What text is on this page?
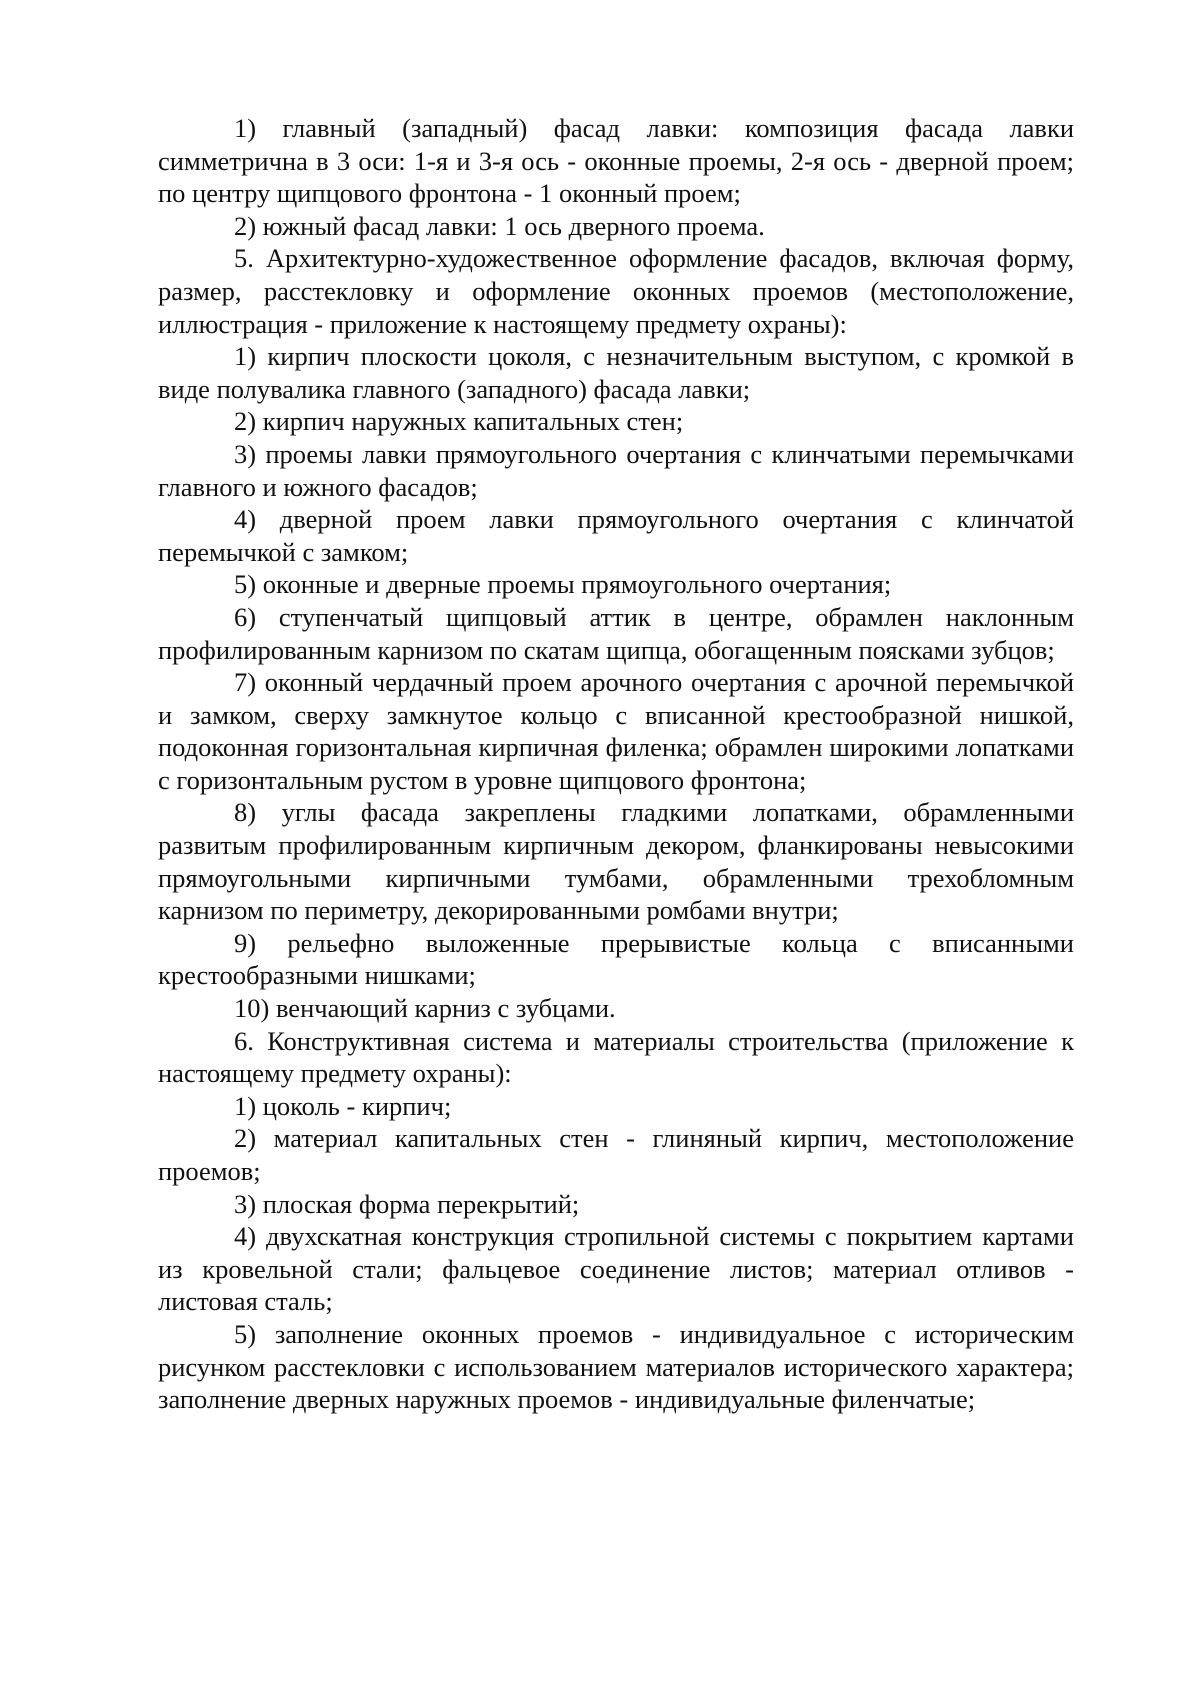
1) главный (западный) фасад лавки: композиция фасада лавки симметрична в 3 оси: 1-я и 3-я ось - оконные проемы, 2-я ось - дверной проем; по центру щипцового фронтона - 1 оконный проем;

2) южный фасад лавки: 1 ось дверного проема.

5. Архитектурно-художественное оформление фасадов, включая форму, размер, расстекловку и оформление оконных проемов (местоположение, иллюстрация - приложение к настоящему предмету охраны):

1) кирпич плоскости цоколя, с незначительным выступом, с кромкой в виде полувалика главного (западного) фасада лавки;

2) кирпич наружных капитальных стен;

3) проемы лавки прямоугольного очертания с клинчатыми перемычками главного и южного фасадов;

4) дверной проем лавки прямоугольного очертания с клинчатой перемычкой с замком;

5) оконные и дверные проемы прямоугольного очертания;

6) ступенчатый щипцовый аттик в центре, обрамлен наклонным профилированным карнизом по скатам щипца, обогащенным поясками зубцов;

7) оконный чердачный проем арочного очертания с арочной перемычкой и замком, сверху замкнутое кольцо с вписанной крестообразной нишкой, подоконная горизонтальная кирпичная филенка; обрамлен широкими лопатками с горизонтальным рустом в уровне щипцового фронтона;

8) углы фасада закреплены гладкими лопатками, обрамленными развитым профилированным кирпичным декором, фланкированы невысокими прямоугольными кирпичными тумбами, обрамленными трехобломным карнизом по периметру, декорированными ромбами внутри;

9) рельефно выложенные прерывистые кольца с вписанными крестообразными нишками;

10) венчающий карниз с зубцами.

6. Конструктивная система и материалы строительства (приложение к настоящему предмету охраны):

1) цоколь - кирпич;

2) материал капитальных стен - глиняный кирпич, местоположение проемов;

3) плоская форма перекрытий;

4) двухскатная конструкция стропильной системы с покрытием картами из кровельной стали; фальцевое соединение листов; материал отливов - листовая сталь;

5) заполнение оконных проемов - индивидуальное с историческим рисунком расстекловки с использованием материалов исторического характера; заполнение дверных наружных проемов - индивидуальные филенчатые;
